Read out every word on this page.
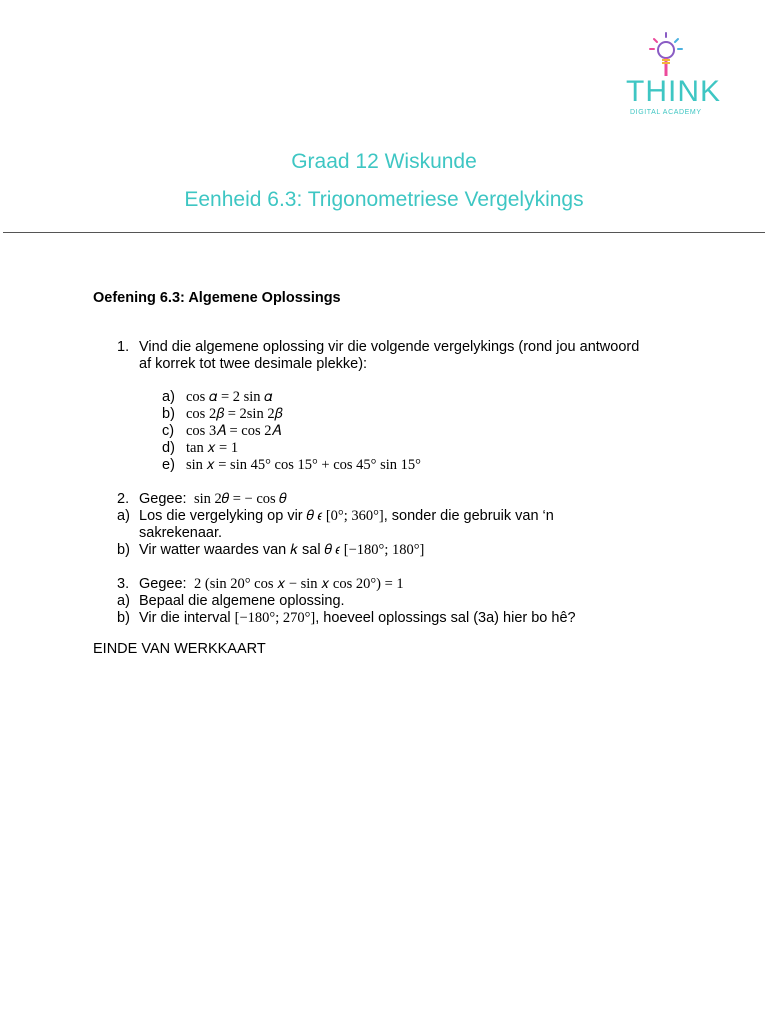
THINK
DIGITAL ACADEMY
Graad 12 Wiskunde
Eenheid 6.3: Trigonometriese Vergelykings
Oefening 6.3: Algemene Oplossings
1. Vind die algemene oplossing vir die volgende vergelykings (rond jou antwoord
af korrek tot twee desimale plekke):
a) cos 𝛼 = 2 sin 𝛼
b) cos 2𝛽 = 2sin 2𝛽
c) cos 3𝐴 = cos 2𝐴
d) tan 𝑥 = 1
e) sin 𝑥 = sin 45° cos 15° + cos 45° sin 15°
2. Gegee: sin 2𝜃 = − cos 𝜃
a) Los die vergelyking op vir 𝜃 𝜖 [0°; 360°], sonder die gebruik van ‘n
sakrekenaar.
b) Vir watter waardes van 𝑘 sal 𝜃 𝜖 [−180°; 180°]
3. Gegee: 2 (sin 20° cos 𝑥 − sin 𝑥 cos 20°) = 1
a) Bepaal die algemene oplossing.
b) Vir die interval [−180°; 270°], hoeveel oplossings sal (3a) hier bo hê?
EINDE VAN WERKKAART
